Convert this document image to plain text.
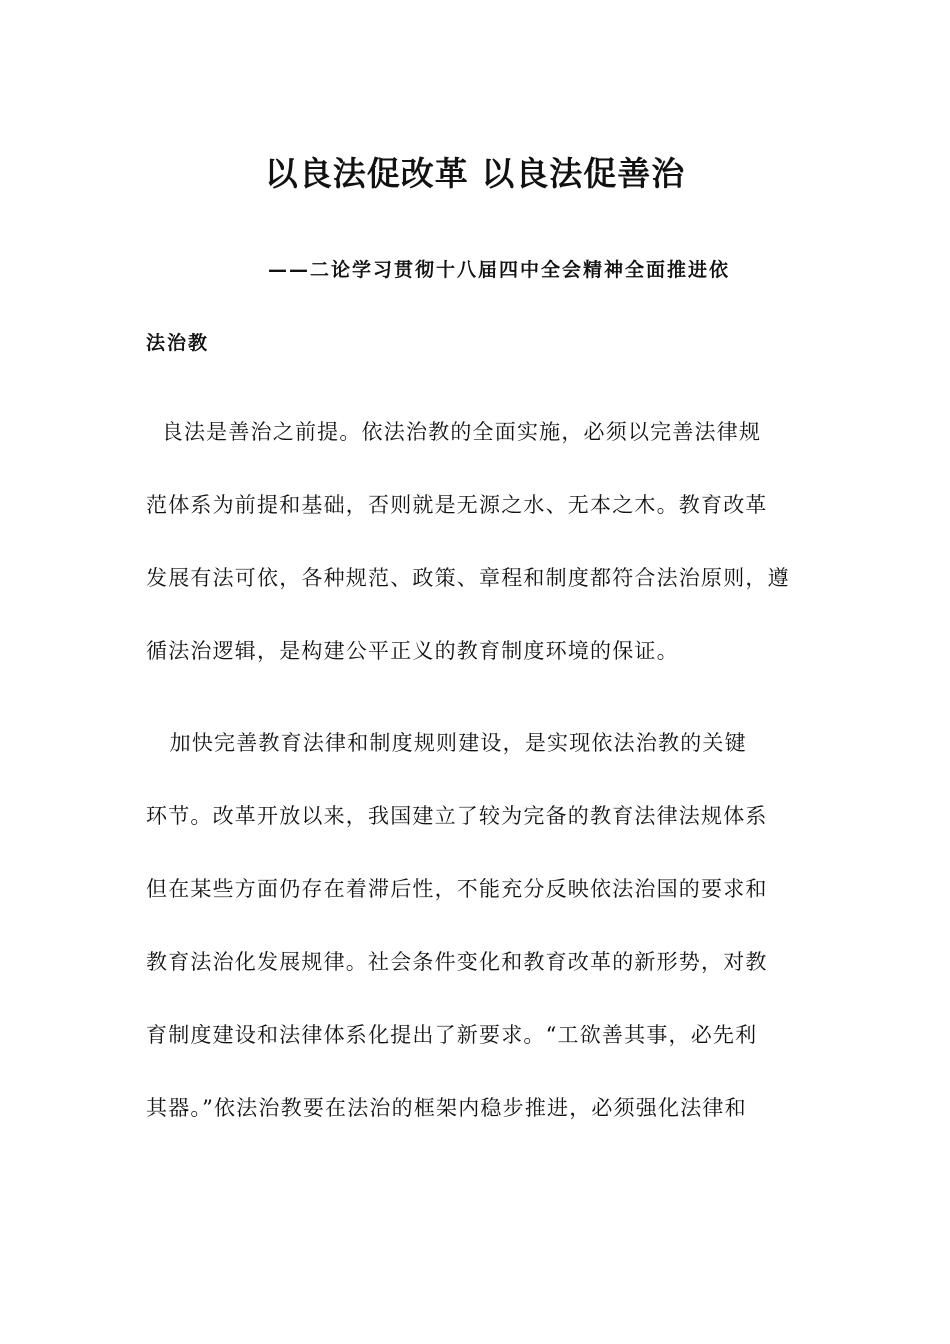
以良法促改革 以良法促善治
——二论学习贯彻十八届四中全会精神全面推进依
法治教
良法是善治之前提。依法治教的全面实施，必须以完善法律规
范体系为前提和基础，否则就是无源之水、无本之木。教育改革
发展有法可依，各种规范、政策、章程和制度都符合法治原则，遵
循法治逻辑，是构建公平正义的教育制度环境的保证。
加快完善教育法律和制度规则建设，是实现依法治教的关键
环节。改革开放以来，我国建立了较为完备的教育法律法规体系
但在某些方面仍存在着滞后性，不能充分反映依法治国的要求和
教育法治化发展规律。社会条件变化和教育改革的新形势，对教
育制度建设和法律体系化提出了新要求。“工欲善其事，必先利
其器。”依法治教要在法治的框架内稳步推进，必须强化法律和
